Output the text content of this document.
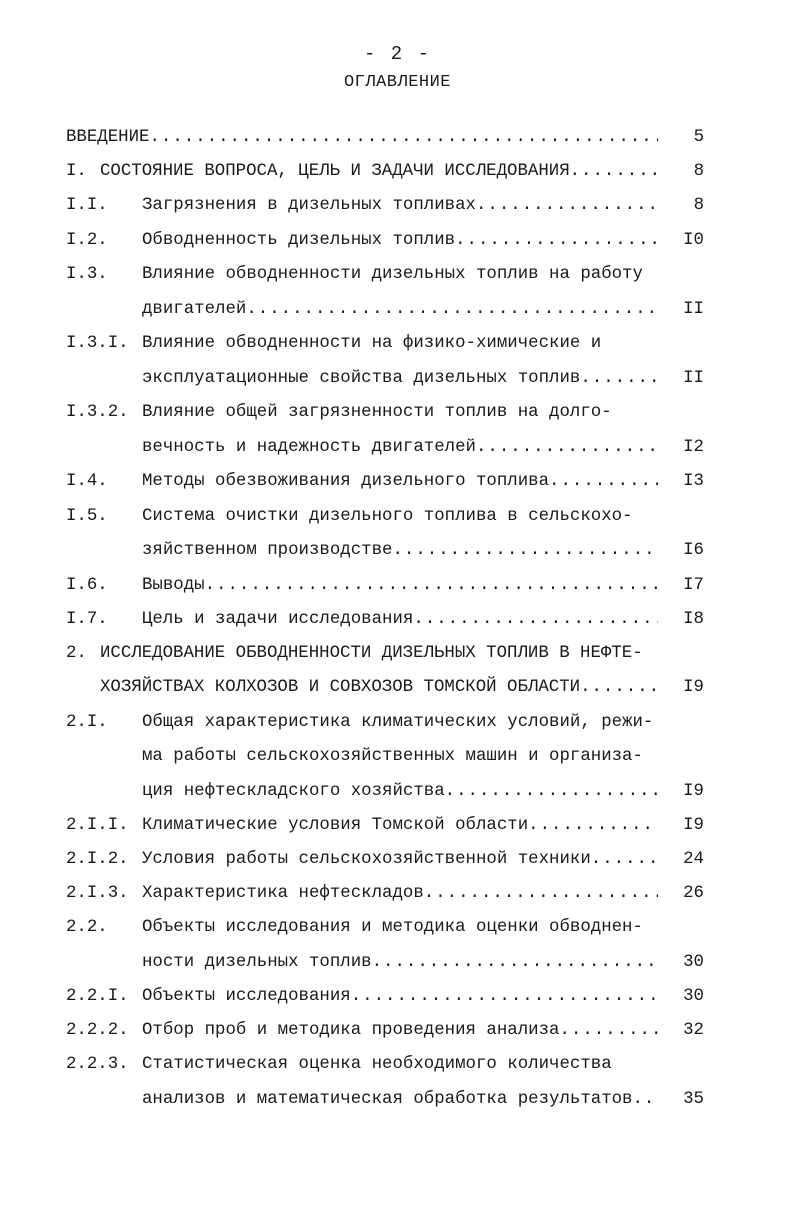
- 2 -
ОГЛАВЛЕНИЕ
ВВЕДЕНИЕ .....	5
I. СОСТОЯНИЕ ВОПРОСА, ЦЕЛЬ И ЗАДАЧИ ИССЛЕДОВАНИЯ .....	8
I.I. Загрязнения в дизельных топливах .....	8
I.2. Обводненность дизельных топлив .....	I0
I.3. Влияние обводненности дизельных топлив на работу
двигателей .....	II
I.3.I. Влияние обводненности на физико-химические и
эксплуатационные свойства дизельных топлив .....	II
I.3.2. Влияние общей загрязненности топлив на долго-
вечность и надежность двигателей .....	I2
I.4. Методы обезвоживания дизельного топлива .....	I3
I.5. Система очистки дизельного топлива в сельскохо-
зяйственном производстве .....	I6
I.6. Выводы .....	I7
I.7. Цель и задачи исследования .....	I8
2. ИССЛЕДОВАНИЕ ОБВОДНЕННОСТИ ДИЗЕЛЬНЫХ ТОПЛИВ В НЕФТЕ-
ХОЗЯЙСТВАХ КОЛХОЗОВ И СОВХОЗОВ ТОМСКОЙ ОБЛАСТИ .....	I9
2.I. Общая характеристика климатических условий, режи-
ма работы сельскохозяйственных машин и организа-
ция нефтескладского хозяйства .....	I9
2.I.I. Климатические условия Томской области .....	I9
2.I.2. Условия работы сельскохозяйственной техники .....	24
2.I.3. Характеристика нефтескладов .....	26
2.2. Объекты исследования и методика оценки обводнен-
ности дизельных топлив .....	30
2.2.I. Объекты исследования .....	30
2.2.2. Отбор проб и методика проведения анализа .....	32
2.2.3. Статистическая оценка необходимого количества
анализов и математическая обработка результатов .....	35
